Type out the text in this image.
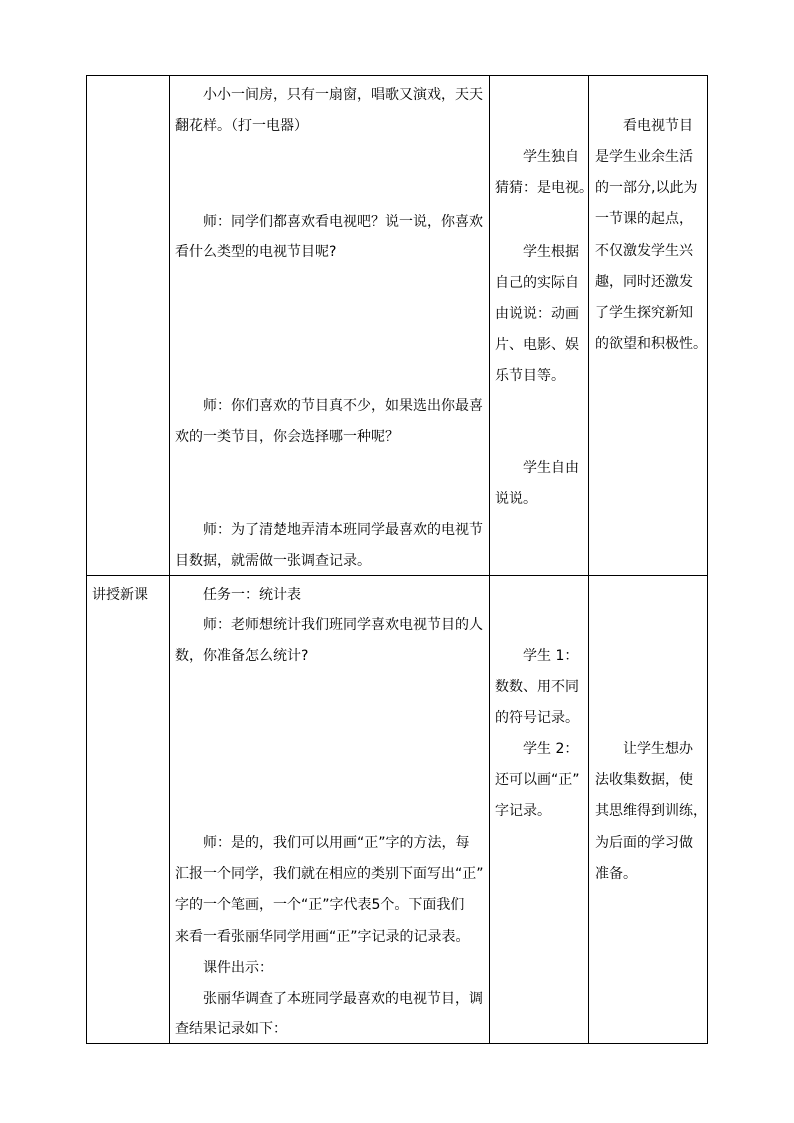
小小一间房，只有一扇窗，唱歌又演戏，天天
翻花样。（打一电器）
师：同学们都喜欢看电视吧？说一说，你喜欢
看什么类型的电视节目呢?
师：你们喜欢的节目真不少，如果选出你最喜
欢的一类节目，你会选择哪一种呢？
师：为了清楚地弄清本班同学最喜欢的电视节
目数据，就需做一张调查记录。
学生独自
猜猜：是电视。
学生根据
自己的实际自
由说说：动画
片、电影、娱
乐节目等。
学生自由
说说。
看电视节目
是学生业余生活
的一部分,以此为
一节课的起点，
不仅激发学生兴
趣，同时还激发
了学生探究新知
的欲望和积极性。
讲授新课	任务一：统计表
师：老师想统计我们班同学喜欢电视节目的人
数，你准备怎么统计?
师：是的，我们可以用画“正”字的方法，每
汇报一个同学，我们就在相应的类别下面写出“正”
字的一个笔画，一个“正”字代表5个。下面我们
来看一看张丽华同学用画“正”字记录的记录表。
课件出示：
张丽华调查了本班同学最喜欢的电视节目，调
查结果记录如下：
学生 1：
数数、用不同
的符号记录。
学生 2：
还可以画“正”
字记录。
让学生想办
法收集数据，使
其思维得到训练，
为后面的学习做
准备。
